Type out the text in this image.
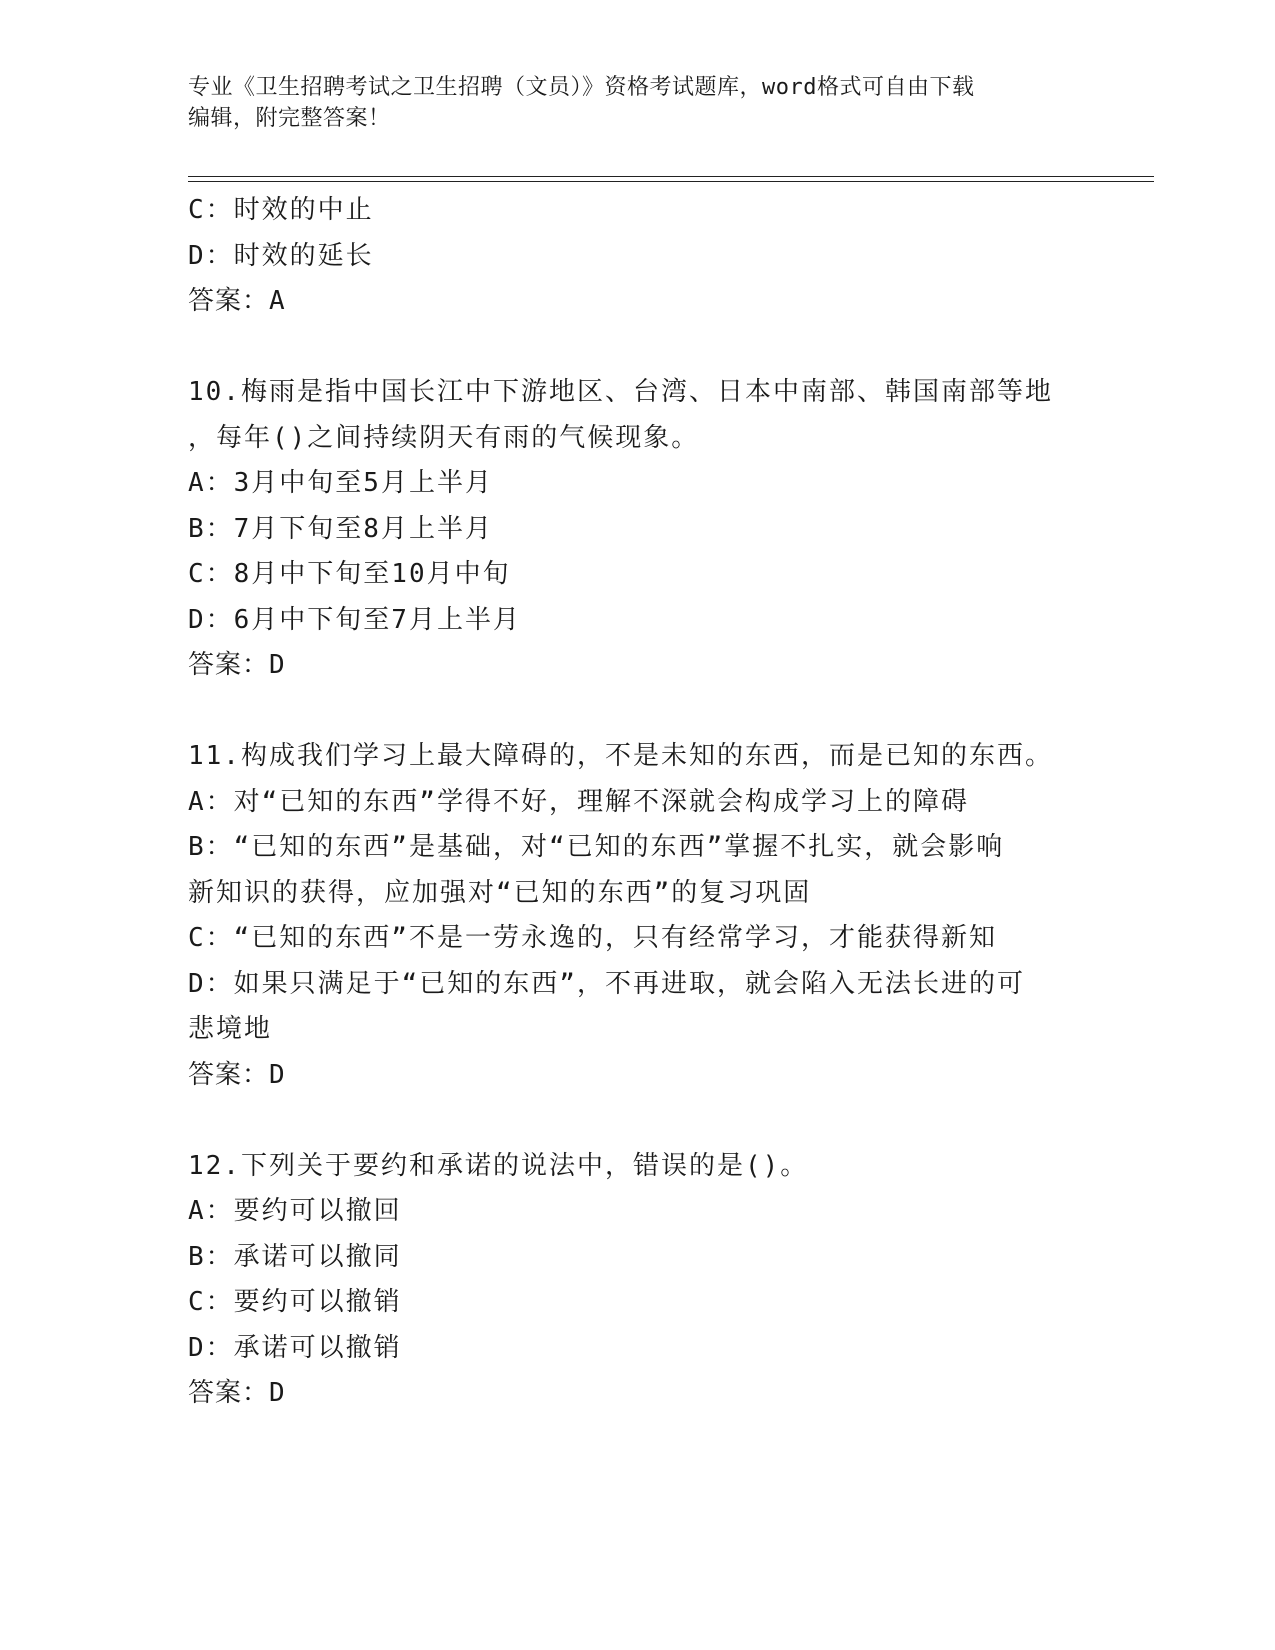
专业《卫生招聘考试之卫生招聘（文员）》资格考试题库，word格式可自由下载
编辑，附完整答案！
C：时效的中止
D：时效的延长
答案：A
10.梅雨是指中国长江中下游地区、台湾、日本中南部、韩国南部等地
，每年()之间持续阴天有雨的气候现象。
A：3月中旬至5月上半月
B：7月下旬至8月上半月
C：8月中下旬至10月中旬
D：6月中下旬至7月上半月
答案：D
11.构成我们学习上最大障碍的，不是未知的东西，而是已知的东西。
A：对“已知的东西”学得不好，理解不深就会构成学习上的障碍
B：“已知的东西”是基础，对“已知的东西”掌握不扎实，就会影响
新知识的获得，应加强对“已知的东西”的复习巩固
C：“已知的东西”不是一劳永逸的，只有经常学习，才能获得新知
D：如果只满足于“已知的东西”，不再进取，就会陷入无法长进的可
悲境地
答案：D
12.下列关于要约和承诺的说法中，错误的是()。
A：要约可以撤回
B：承诺可以撤同
C：要约可以撤销
D：承诺可以撤销
答案：D
